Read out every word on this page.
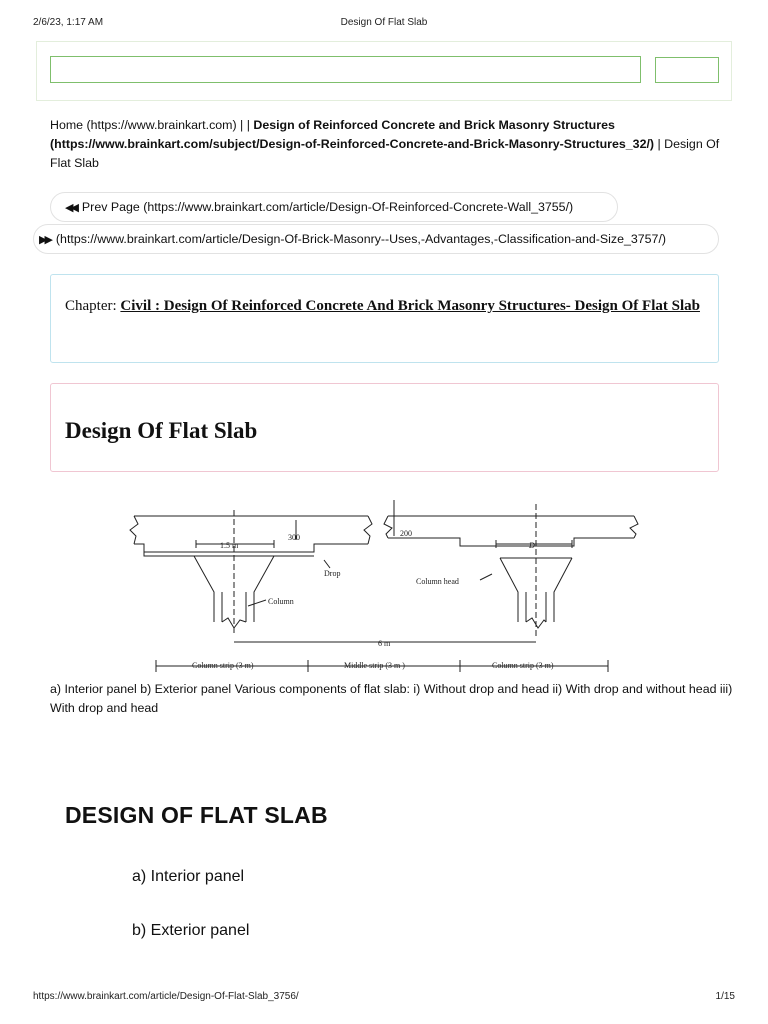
2/6/23, 1:17 AM	Design Of Flat Slab
Home (https://www.brainkart.com) | | Design of Reinforced Concrete and Brick Masonry Structures (https://www.brainkart.com/subject/Design-of-Reinforced-Concrete-and-Brick-Masonry-Structures_32/) | Design Of Flat Slab
◀◀ Prev Page (https://www.brainkart.com/article/Design-Of-Reinforced-Concrete-Wall_3755/)
▶▶ (https://www.brainkart.com/article/Design-Of-Brick-Masonry--Uses,-Advantages,-Classification-and-Size_3757/)
Chapter: Civil : Design Of Reinforced Concrete And Brick Masonry Structures- Design Of Flat Slab
Design Of Flat Slab
1.5 m
300
Drop
Column
200
D
Column head
6 m
Column strip (3 m)	Middle strip (3 m )	Column strip (3 m)
a) Interior panel b) Exterior panel Various components of flat slab: i) Without drop and head ii) With drop and without head iii) With drop and head
DESIGN OF FLAT SLAB
a) Interior panel
b) Exterior panel
https://www.brainkart.com/article/Design-Of-Flat-Slab_3756/	1/15
